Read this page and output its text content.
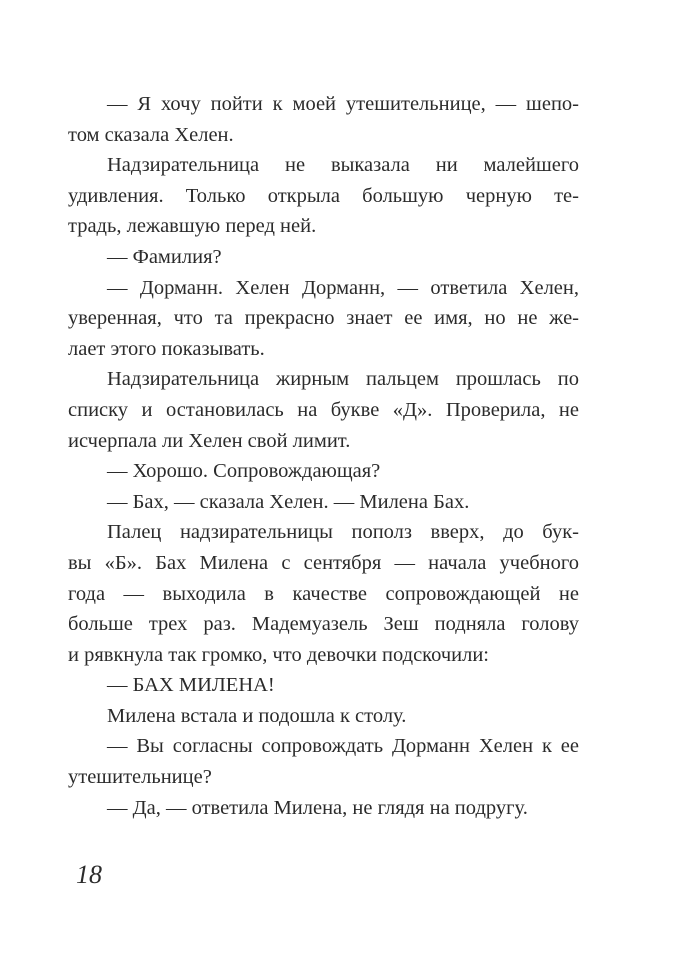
— Я хочу пойти к моей утешительнице, — шепо-
том сказала Хелен.
Надзирательница не выказала ни малейшего
удивления. Только открыла большую черную те-
традь, лежавшую перед ней.
— Фамилия?
— Дорманн. Хелен Дорманн, — ответила Хелен,
уверенная, что та прекрасно знает ее имя, но не же-
лает этого показывать.
Надзирательница жирным пальцем прошлась по
списку и остановилась на букве «Д». Проверила, не
исчерпала ли Хелен свой лимит.
— Хорошо. Сопровождающая?
— Бах, — сказала Хелен. — Милена Бах.
Палец надзирательницы пополз вверх, до бук-
вы «Б». Бах Милена с сентября — начала учебного
года — выходила в качестве сопровождающей не
больше трех раз. Мадемуазель Зеш подняла голову
и рявкнула так громко, что девочки подскочили:
— БАХ МИЛЕНА!
Милена встала и подошла к столу.
— Вы согласны сопровождать Дорманн Хелен к ее
утешительнице?
— Да, — ответила Милена, не глядя на подругу.
18
